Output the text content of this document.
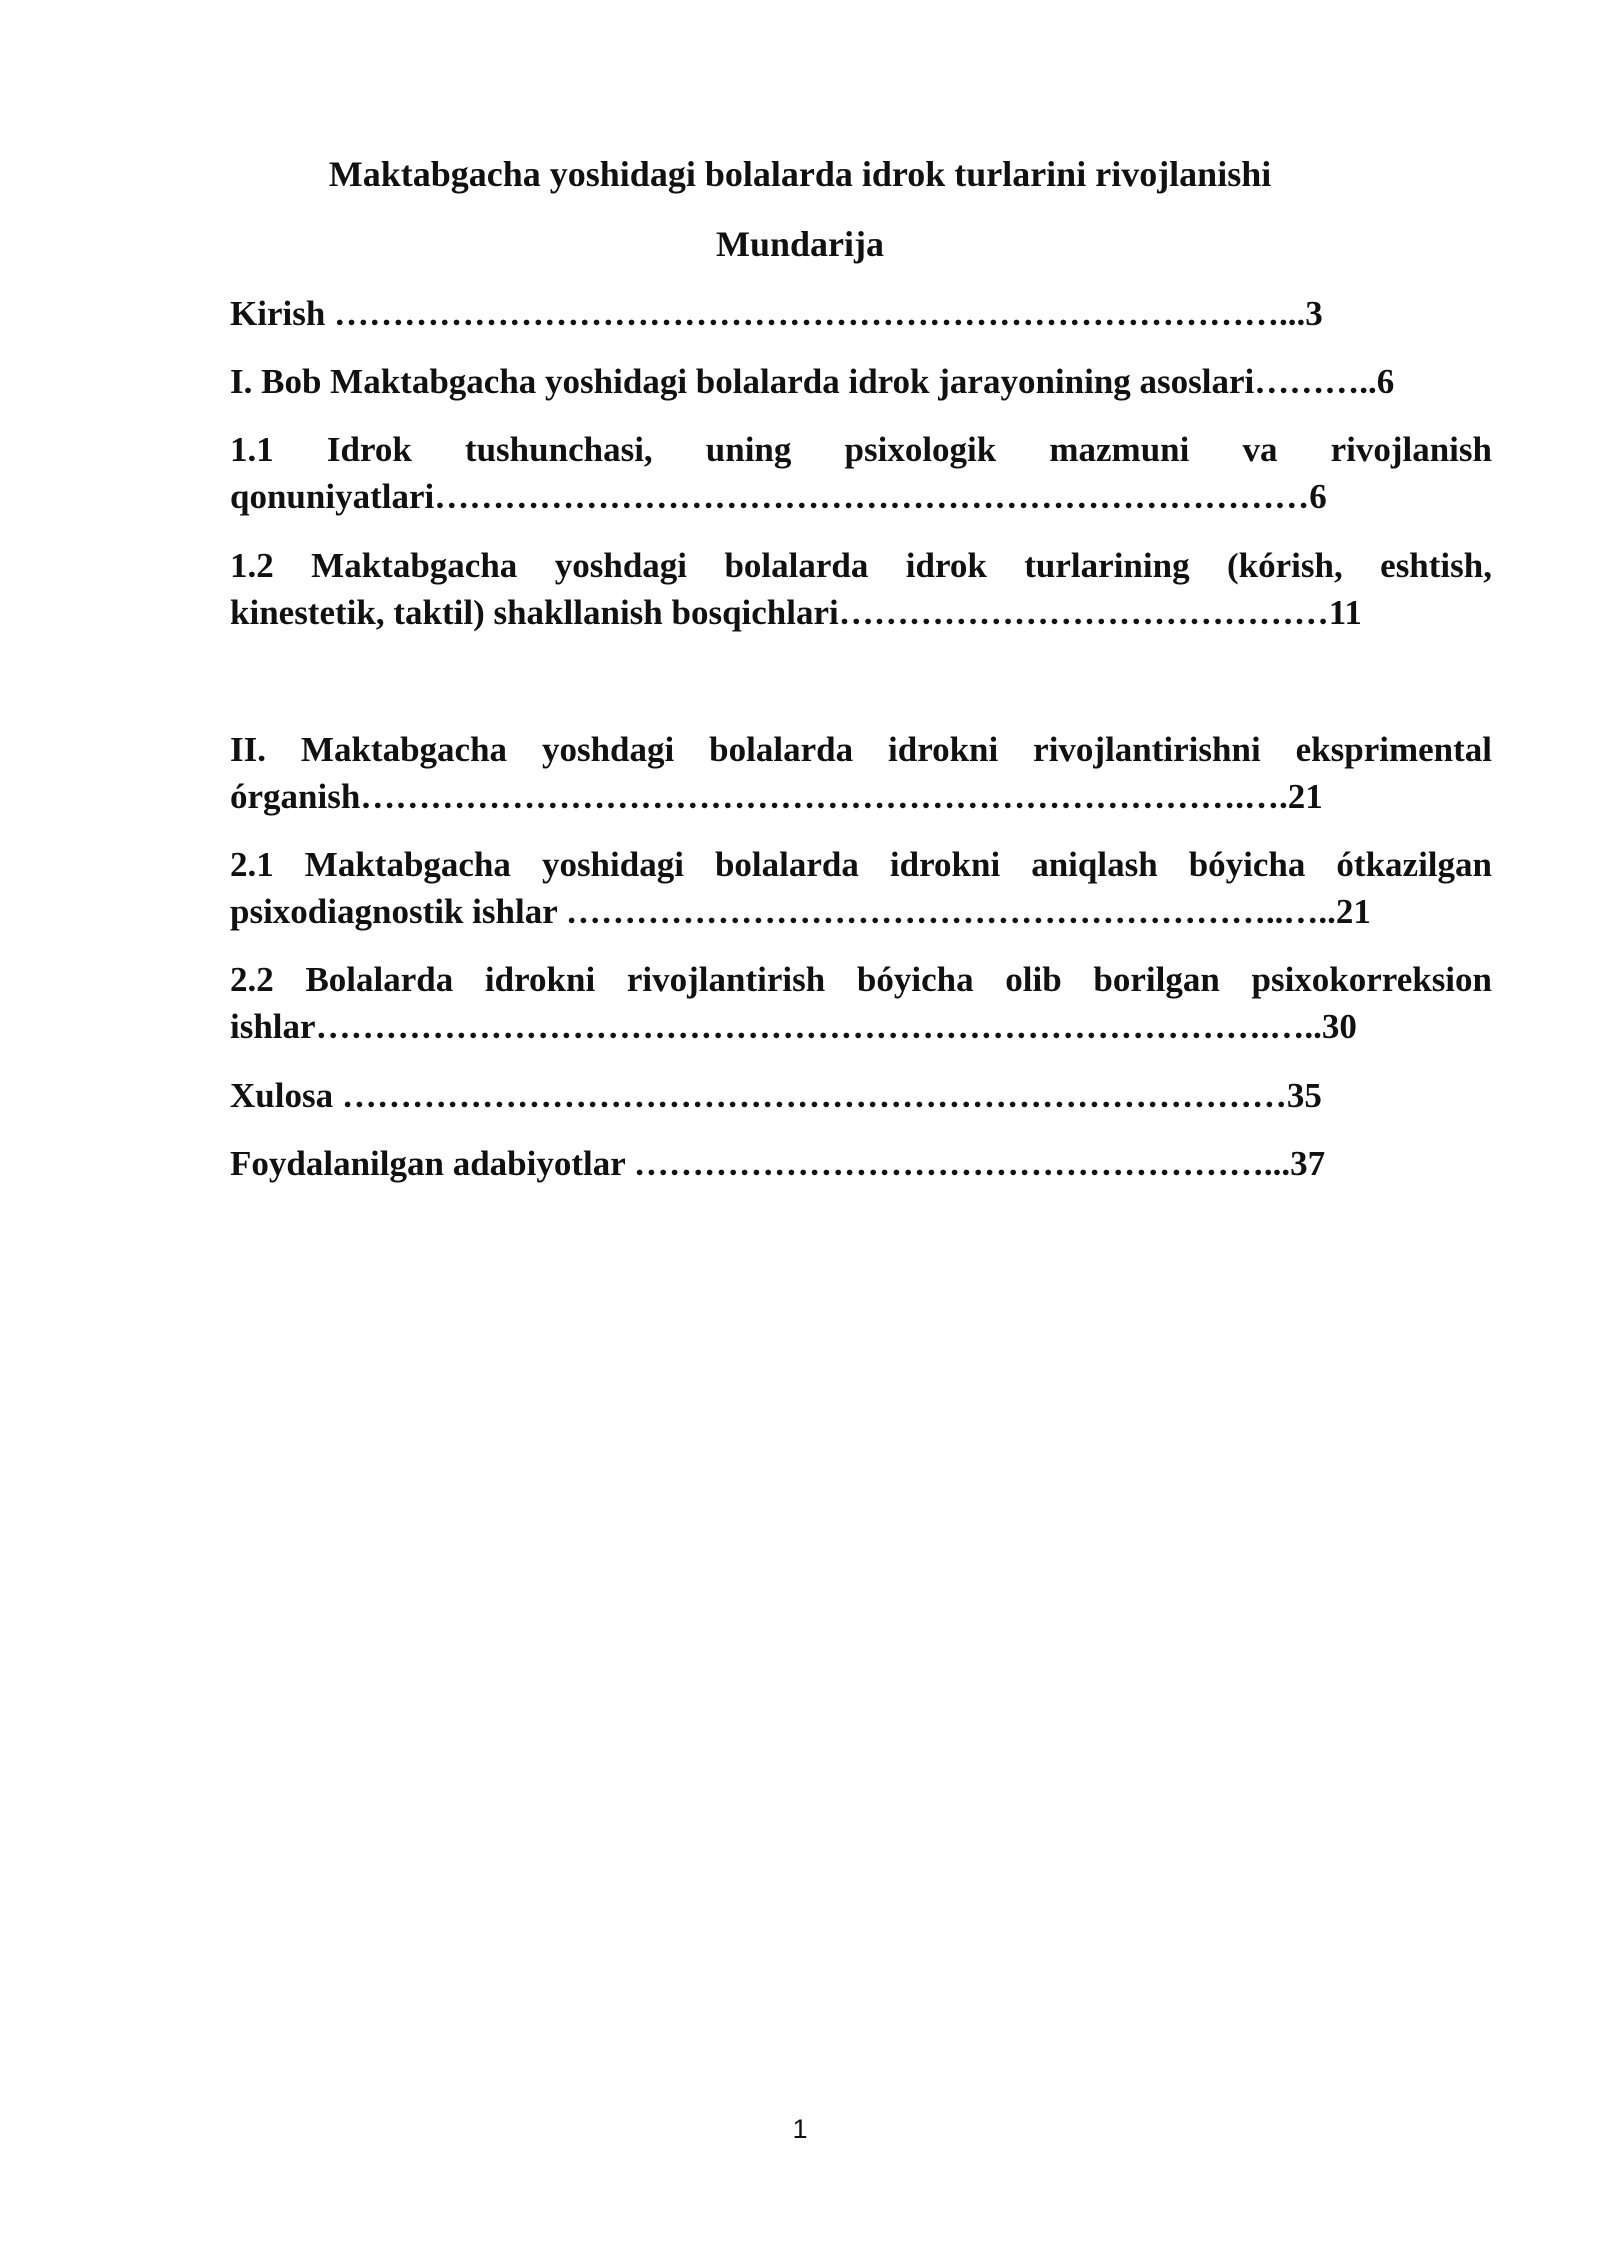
Maktabgacha yoshidagi bolalarda idrok turlarini rivojlanishi
Mundarija
Kirish ………………………………………………………………………...3
I. Bob Maktabgacha yoshidagi bolalarda idrok jarayonining asoslari………..6
1.1 Idrok tushunchasi, uning psixologik mazmuni va rivojlanish
qonuniyatlari…………………………………………………………………6
1.2 Maktabgacha yoshdagi bolalarda idrok turlarining (kórish, eshtish,
kinestetik, taktil) shakllanish bosqichlari……………………………………11
II. Maktabgacha yoshdagi bolalarda idrokni rivojlantirishni eksprimental
órganish………………………………………………………………….….21
2.1 Maktabgacha yoshidagi bolalarda idrokni aniqlash bóyicha ótkazilgan
psixodiagnostik ishlar ……………………………………………………..…..21
2.2 Bolalarda idrokni rivojlantirish bóyicha olib borilgan psixokorreksion
ishlar……………………………………………………………………….…..30
Xulosa ………………………………………………………………………35
Foydalanilgan adabiyotlar ………………………………………………...37
1
